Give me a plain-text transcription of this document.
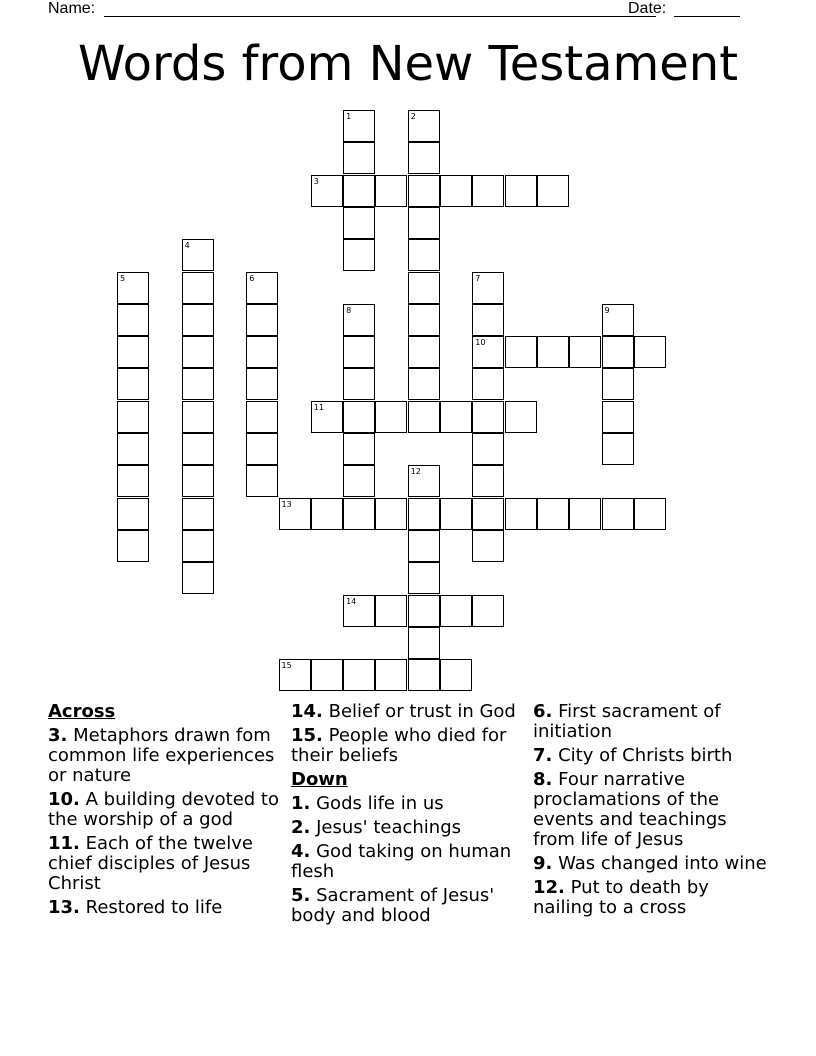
Name:	Date:
Words from New Testament
1	2
3
4
5	6	7
10
8	9
11
12
13
14
15
Across
3. Metaphors drawn fom common life experiences or nature
10. A building devoted to the worship of a god
11. Each of the twelve chief disciples of Jesus Christ
13. Restored to life
14. Belief or trust in God
15. People who died for their beliefs
Down
1. Gods life in us
2. Jesus' teachings
4. God taking on human flesh
5. Sacrament of Jesus' body and blood
6. First sacrament of initiation
7. City of Christs birth
8. Four narrative proclamations of the events and teachings from life of Jesus
9. Was changed into wine
12. Put to death by nailing to a cross
